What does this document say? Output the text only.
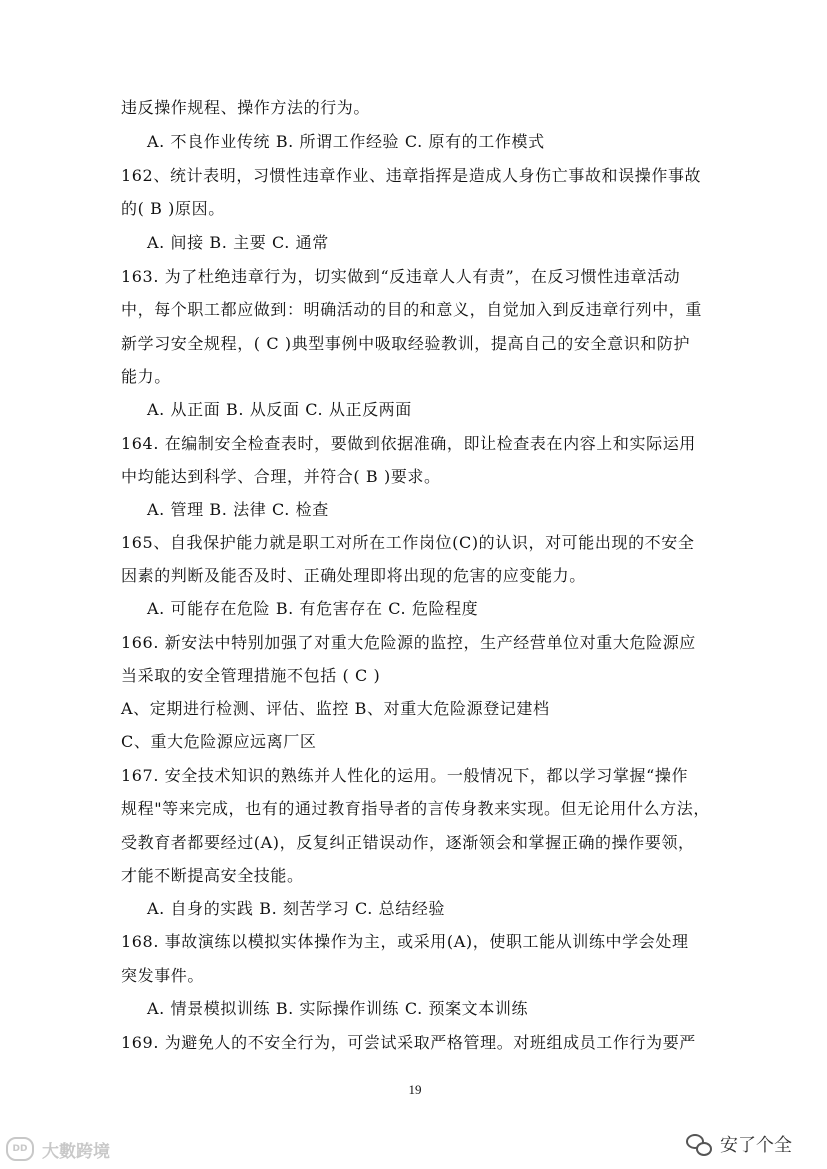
违反操作规程、操作方法的行为。
A. 不良作业传统 B. 所谓工作经验 C. 原有的工作模式
162、统计表明，习惯性违章作业、违章指挥是造成人身伤亡事故和误操作事故
的( B )原因。
A. 间接 B. 主要 C. 通常
163. 为了杜绝违章行为，切实做到“反违章人人有责”，在反习惯性违章活动
中，每个职工都应做到：明确活动的目的和意义，自觉加入到反违章行列中，重
新学习安全规程，( C )典型事例中吸取经验教训，提高自己的安全意识和防护
能力。
A. 从正面 B. 从反面 C. 从正反两面
164. 在编制安全检查表时，要做到依据准确，即让检查表在内容上和实际运用
中均能达到科学、合理，并符合( B )要求。
A. 管理 B. 法律 C. 检查
165、自我保护能力就是职工对所在工作岗位(C)的认识，对可能出现的不安全
因素的判断及能否及时、正确处理即将出现的危害的应变能力。
A. 可能存在危险 B. 有危害存在 C. 危险程度
166. 新安法中特别加强了对重大危险源的监控，生产经营单位对重大危险源应
当采取的安全管理措施不包括 ( C )
A、定期进行检测、评估、监控 B、对重大危险源登记建档
C、重大危险源应远离厂区
167. 安全技术知识的熟练并人性化的运用。一般情况下，都以学习掌握“操作
规程"等来完成，也有的通过教育指导者的言传身教来实现。但无论用什么方法，
受教育者都要经过(A)，反复纠正错误动作，逐渐领会和掌握正确的操作要领，
才能不断提高安全技能。
A. 自身的实践 B. 刻苦学习 C. 总结经验
168. 事故演练以模拟实体操作为主，或采用(A)，使职工能从训练中学会处理
突发事件。
A. 情景模拟训练 B. 实际操作训练 C. 预案文本训练
169. 为避免人的不安全行为，可尝试采取严格管理。对班组成员工作行为要严
19
DD 大數跨境	安了个全
